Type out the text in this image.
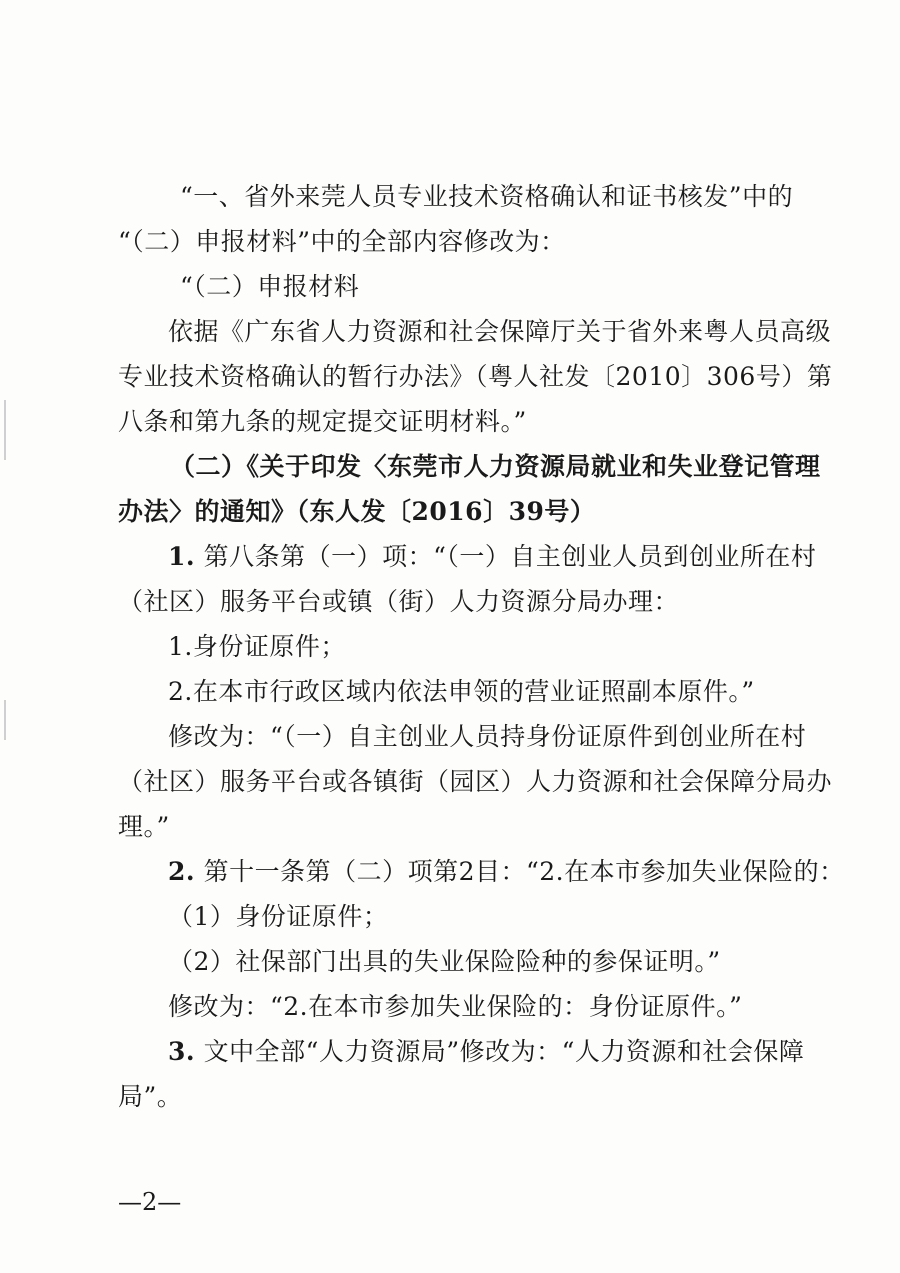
“一、省外来莞人员专业技术资格确认和证书核发”中的
“（二）申报材料”中的全部内容修改为：
“（二）申报材料
依据《广东省人力资源和社会保障厅关于省外来粤人员高级
专业技术资格确认的暂行办法》（粤人社发〔2010〕306号）第
八条和第九条的规定提交证明材料。”
（二）《关于印发〈东莞市人力资源局就业和失业登记管理
办法〉的通知》（东人发〔2016〕39号）
1. 第八条第（一）项：“（一）自主创业人员到创业所在村
（社区）服务平台或镇（街）人力资源分局办理：
1.身份证原件；
2.在本市行政区域内依法申领的营业证照副本原件。”
修改为：“（一）自主创业人员持身份证原件到创业所在村
（社区）服务平台或各镇街（园区）人力资源和社会保障分局办
理。”
2. 第十一条第（二）项第2目：“2.在本市参加失业保险的：
（1）身份证原件；
（2）社保部门出具的失业保险险种的参保证明。”
修改为：“2.在本市参加失业保险的：身份证原件。”
3. 文中全部“人力资源局”修改为：“人力资源和社会保障
局”。
—2—
